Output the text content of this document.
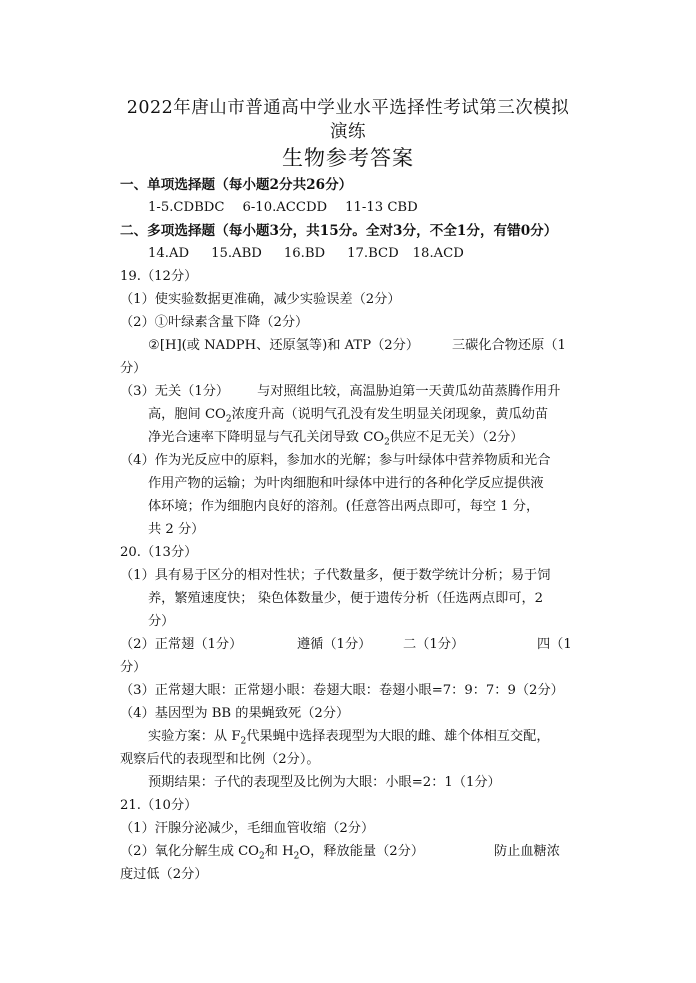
2022年唐山市普通高中学业水平选择性考试第三次模拟
演练
生物参考答案
一、单项选择题（每小题2分共26分）
1-5.CDBDC 6-10.ACCDD 11-13 CBD
二、多项选择题（每小题3分，共15分。全对3分，不全1分，有错0分）
14.AD 15.ABD 16.BD 17.BCD 18.ACD
19.（12分）
（1）使实验数据更准确，减少实验误差（2分）
（2）①叶绿素含量下降（2分）
②[H](或 NADPH、还原氢等)和 ATP（2分） 三碳化合物还原（1
分）
（3）无关（1分） 与对照组比较，高温胁迫第一天黄瓜幼苗蒸腾作用升
高，胞间 $CO_2$浓度升高（说明气孔没有发生明显关闭现象，黄瓜幼苗
净光合速率下降明显与气孔关闭导致 $CO_2$供应不足无关）（2分）
（4）作为光反应中的原料，参加水的光解；参与叶绿体中营养物质和光合
作用产物的运输；为叶肉细胞和叶绿体中进行的各种化学反应提供液
体环境；作为细胞内良好的溶剂。(任意答出两点即可，每空 1 分，
共 2 分）
20.（13分）
（1）具有易于区分的相对性状；子代数量多，便于数学统计分析；易于饲
养，繁殖速度快； 染色体数量少，便于遗传分析（任选两点即可，2
分）
（2）正常翅（1分）	遵循（1分） 二（1分）	四（1
分）
（3）正常翅大眼：正常翅小眼：卷翅大眼：卷翅小眼=7：9：7：9（2分）
（4）基因型为 BB 的果蝇致死（2分）
实验方案：从 $F_2$代果蝇中选择表现型为大眼的雌、雄个体相互交配，
观察后代的表现型和比例（2分）。
预期结果：子代的表现型及比例为大眼：小眼=2：1（1分）
21.（10分）
（1）汗腺分泌减少，毛细血管收缩（2分）
（2）氧化分解生成 $CO_2$和 $H_2O$，释放能量（2分）	防止血糖浓
度过低（2分）
